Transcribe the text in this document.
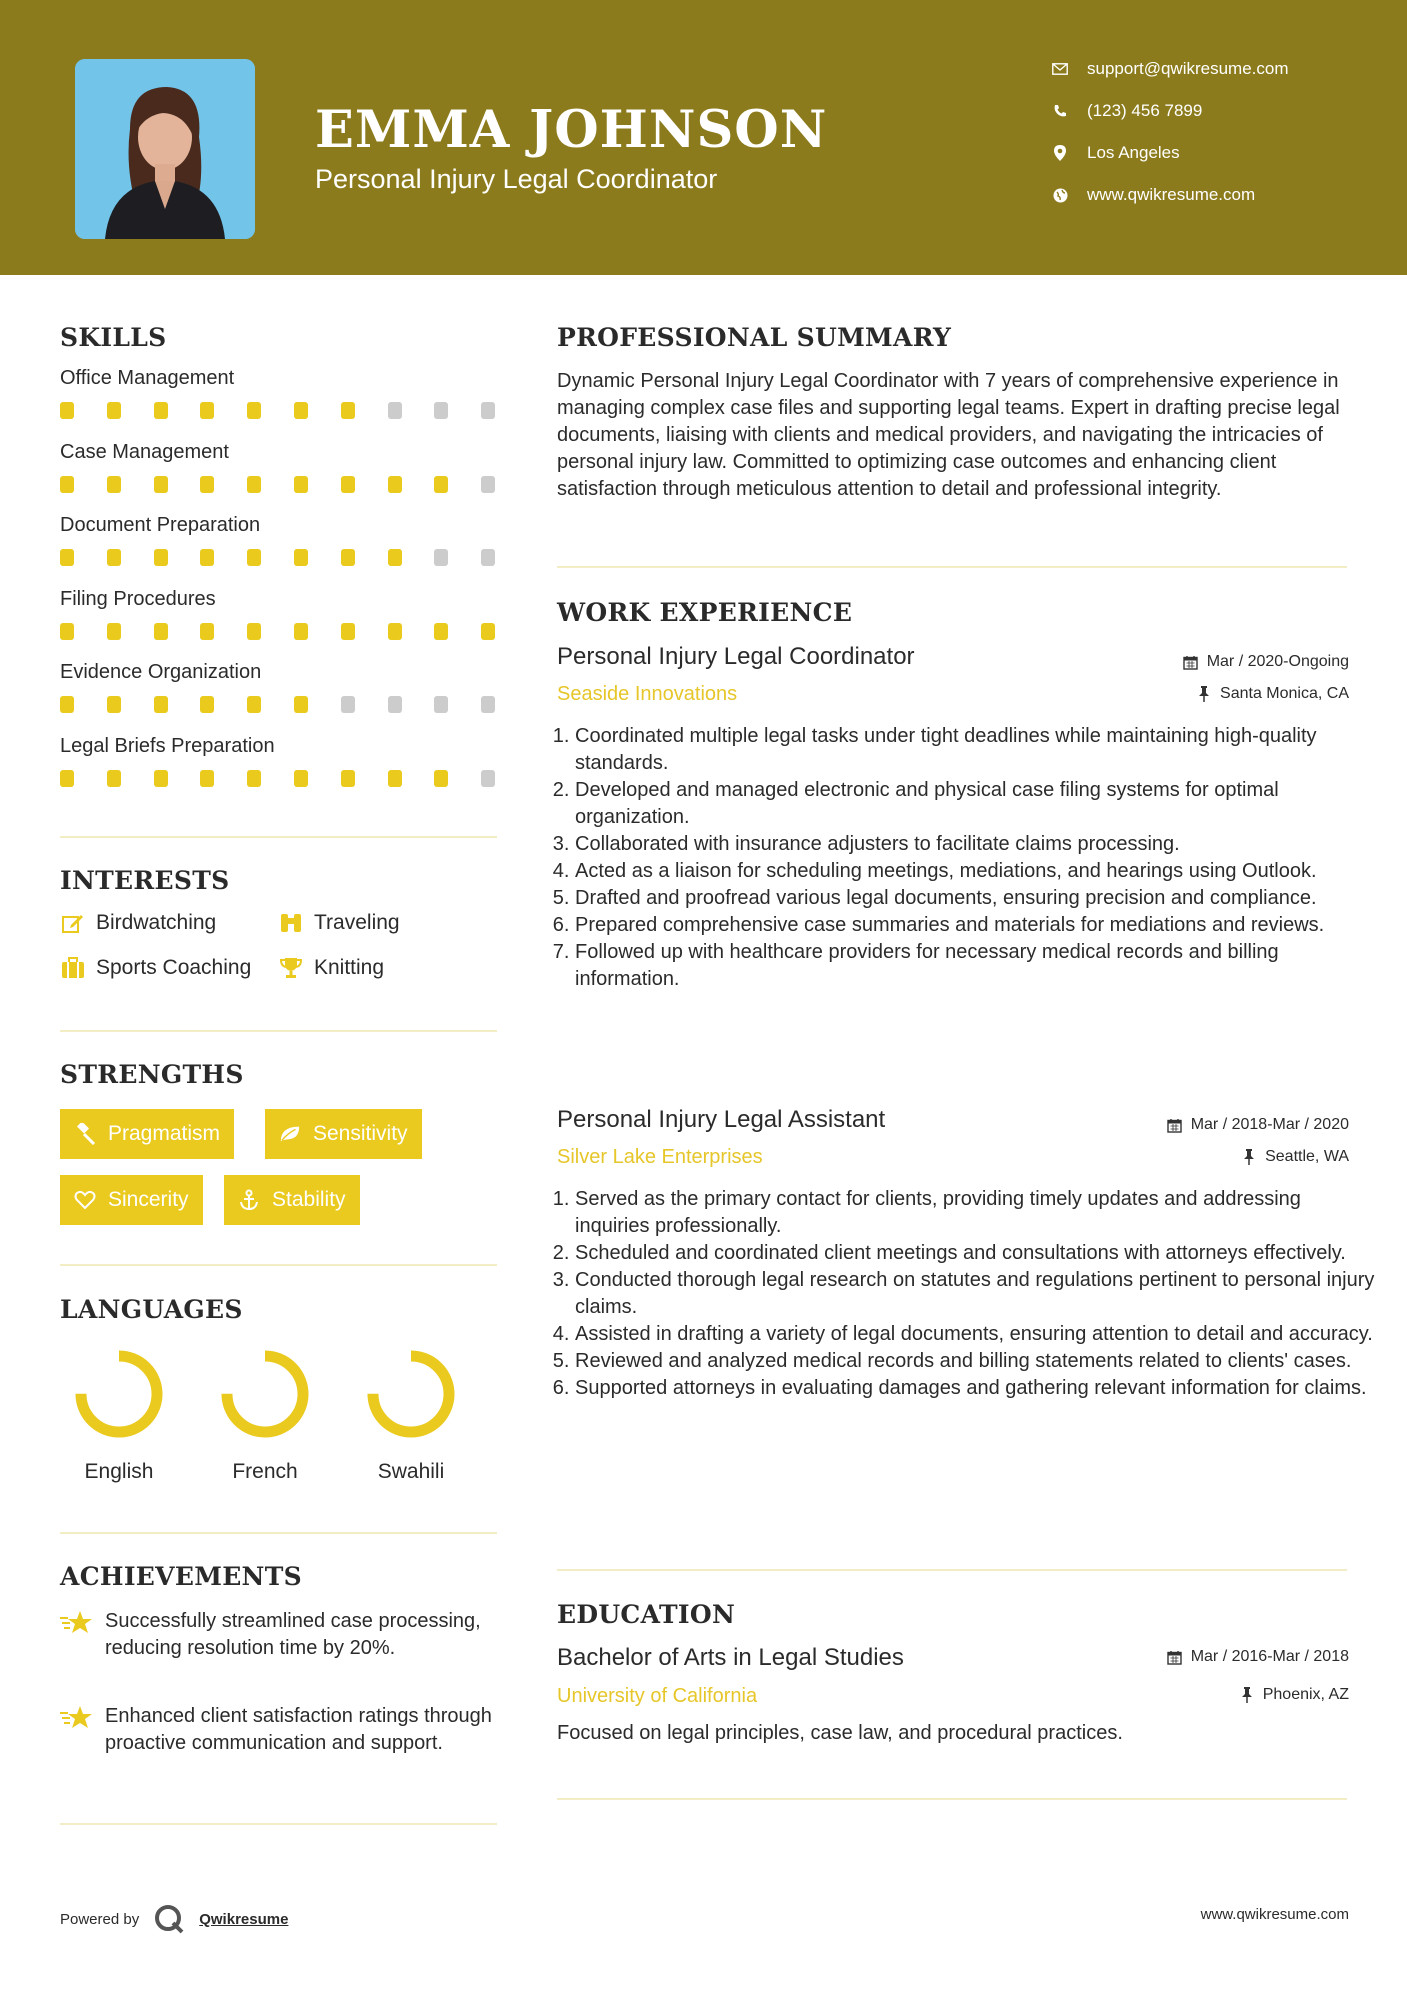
EMMA JOHNSON
Personal Injury Legal Coordinator
support@qwikresume.com
(123) 456 7899
Los Angeles
www.qwikresume.com
SKILLS
Office Management
Case Management
Document Preparation
Filing Procedures
Evidence Organization
Legal Briefs Preparation
INTERESTS
Birdwatching	Traveling
Sports Coaching	Knitting
STRENGTHS
Pragmatism	Sensitivity
Sincerity	Stability
LANGUAGES
English	French	Swahili
ACHIEVEMENTS
Successfully streamlined case processing, reducing resolution time by 20%.
Enhanced client satisfaction ratings through proactive communication and support.
PROFESSIONAL SUMMARY
Dynamic Personal Injury Legal Coordinator with 7 years of comprehensive experience in managing complex case files and supporting legal teams. Expert in drafting precise legal documents, liaising with clients and medical providers, and navigating the intricacies of personal injury law. Committed to optimizing case outcomes and enhancing client satisfaction through meticulous attention to detail and professional integrity.
WORK EXPERIENCE
Personal Injury Legal Coordinator	Mar / 2020-Ongoing
Seaside Innovations	Santa Monica, CA
1. Coordinated multiple legal tasks under tight deadlines while maintaining high-quality standards.
2. Developed and managed electronic and physical case filing systems for optimal organization.
3. Collaborated with insurance adjusters to facilitate claims processing.
4. Acted as a liaison for scheduling meetings, mediations, and hearings using Outlook.
5. Drafted and proofread various legal documents, ensuring precision and compliance.
6. Prepared comprehensive case summaries and materials for mediations and reviews.
7. Followed up with healthcare providers for necessary medical records and billing information.
Personal Injury Legal Assistant	Mar / 2018-Mar / 2020
Silver Lake Enterprises	Seattle, WA
1. Served as the primary contact for clients, providing timely updates and addressing inquiries professionally.
2. Scheduled and coordinated client meetings and consultations with attorneys effectively.
3. Conducted thorough legal research on statutes and regulations pertinent to personal injury claims.
4. Assisted in drafting a variety of legal documents, ensuring attention to detail and accuracy.
5. Reviewed and analyzed medical records and billing statements related to clients' cases.
6. Supported attorneys in evaluating damages and gathering relevant information for claims.
EDUCATION
Bachelor of Arts in Legal Studies	Mar / 2016-Mar / 2018
University of California	Phoenix, AZ
Focused on legal principles, case law, and procedural practices.
Powered by	Qwikresume	www.qwikresume.com
